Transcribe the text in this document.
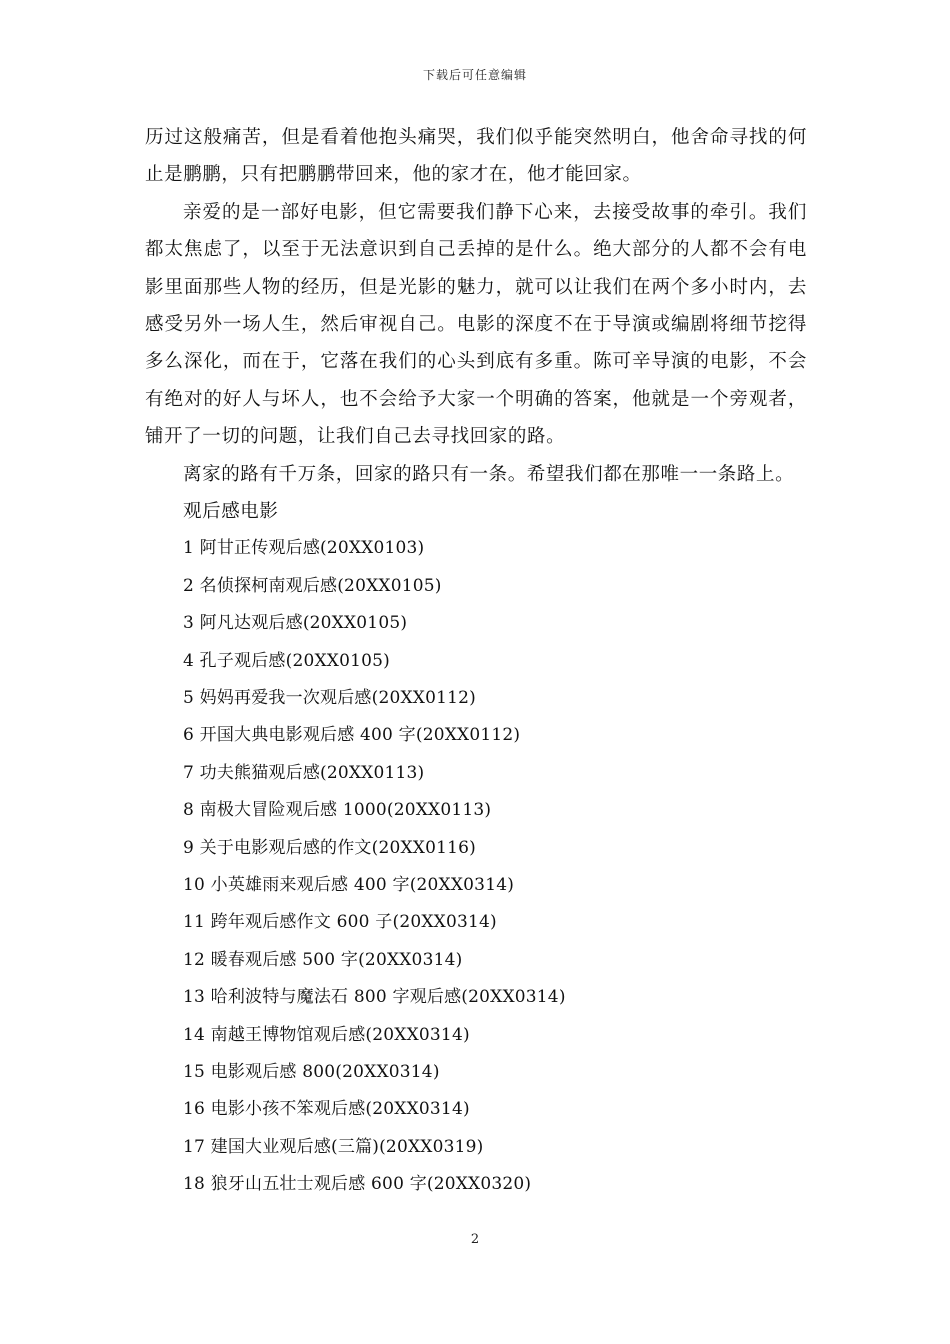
下载后可任意编辑

历过这般痛苦，但是看着他抱头痛哭，我们似乎能突然明白，他舍命寻找的何止是鹏鹏，只有把鹏鹏带回来，他的家才在，他才能回家。

亲爱的是一部好电影，但它需要我们静下心来，去接受故事的牵引。我们都太焦虑了，以至于无法意识到自己丢掉的是什么。绝大部分的人都不会有电影里面那些人物的经历，但是光影的魅力，就可以让我们在两个多小时内，去感受另外一场人生，然后审视自己。电影的深度不在于导演或编剧将细节挖得多么深化，而在于，它落在我们的心头到底有多重。陈可辛导演的电影，不会有绝对的好人与坏人，也不会给予大家一个明确的答案，他就是一个旁观者，铺开了一切的问题，让我们自己去寻找回家的路。

离家的路有千万条，回家的路只有一条。希望我们都在那唯一一条路上。

观后感电影

1 阿甘正传观后感(20XX0103)
2 名侦探柯南观后感(20XX0105)
3 阿凡达观后感(20XX0105)
4 孔子观后感(20XX0105)
5 妈妈再爱我一次观后感(20XX0112)
6 开国大典电影观后感 400 字(20XX0112)
7 功夫熊猫观后感(20XX0113)
8 南极大冒险观后感 1000(20XX0113)
9 关于电影观后感的作文(20XX0116)
10 小英雄雨来观后感 400 字(20XX0314)
11 跨年观后感作文 600 子(20XX0314)
12 暖春观后感 500 字(20XX0314)
13 哈利波特与魔法石 800 字观后感(20XX0314)
14 南越王博物馆观后感(20XX0314)
15 电影观后感 800(20XX0314)
16 电影小孩不笨观后感(20XX0314)
17 建国大业观后感(三篇)(20XX0319)
18 狼牙山五壮士观后感 600 字(20XX0320)
2
